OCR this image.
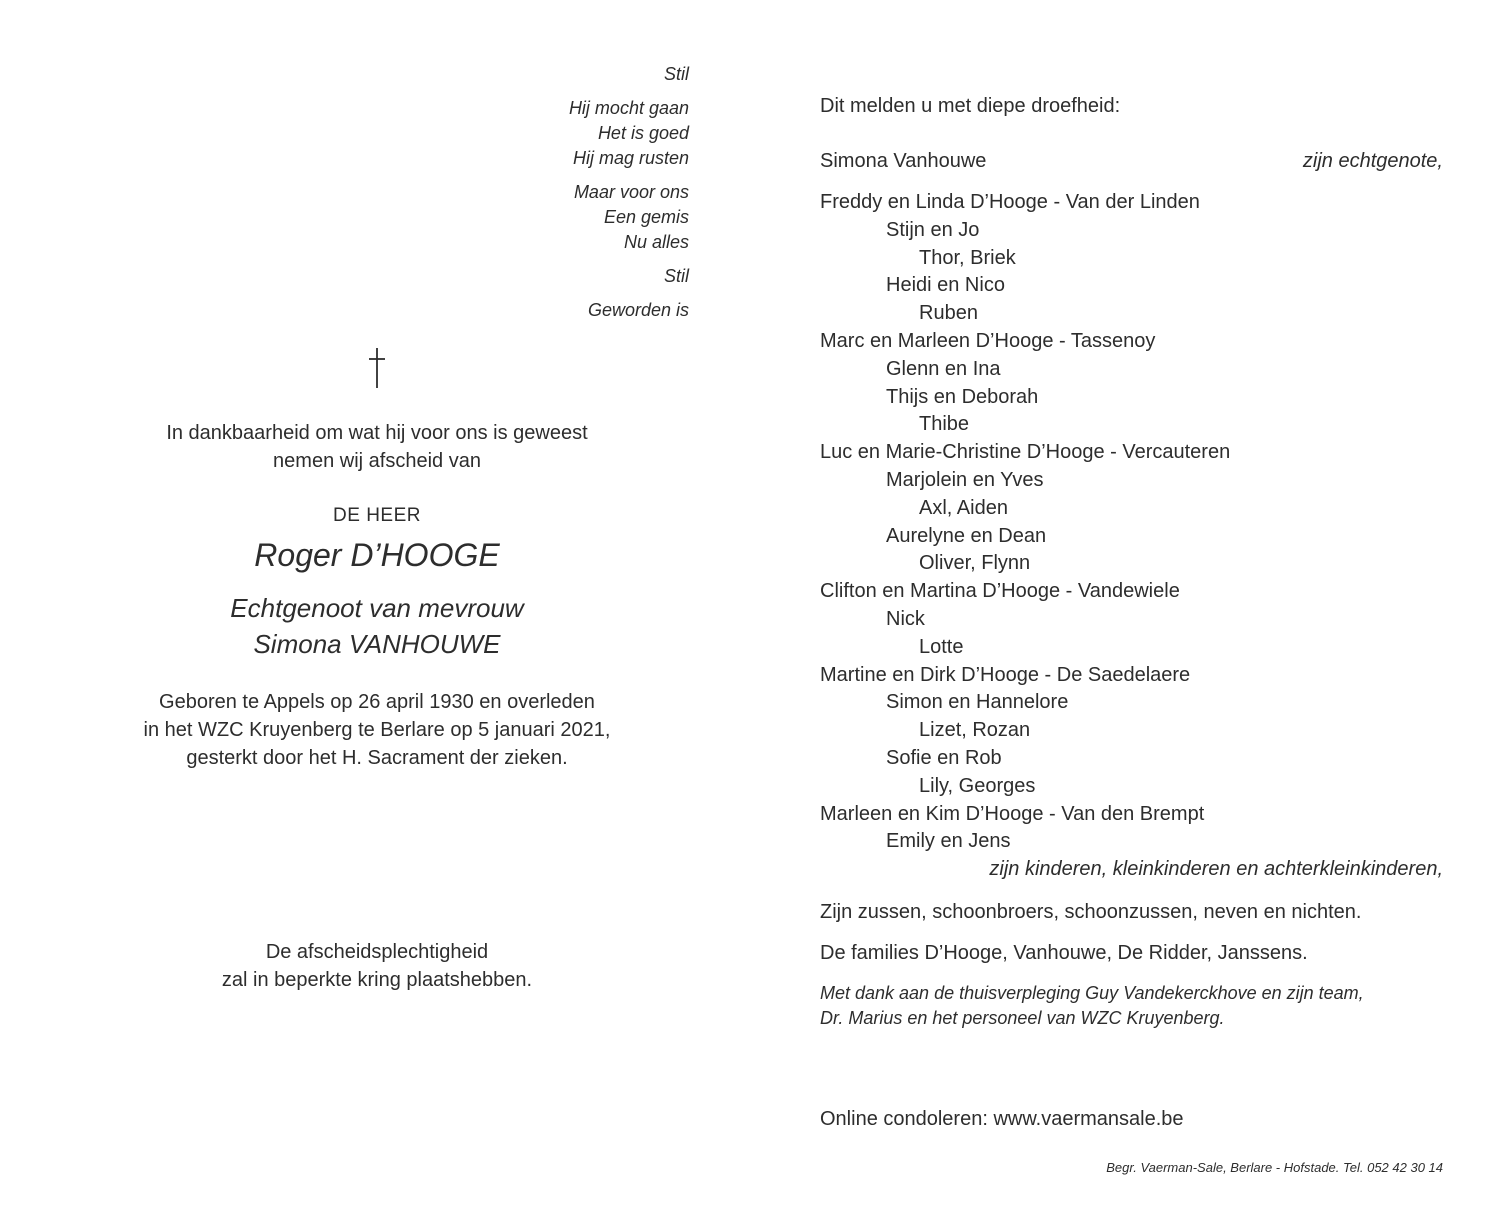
Stil
Hij mocht gaan
Het is goed
Hij mag rusten
Maar voor ons
Een gemis
Nu alles
Stil
Geworden is
In dankbaarheid om wat hij voor ons is geweest
nemen wij afscheid van
DE HEER
Roger D’HOOGE
Echtgenoot van mevrouw
Simona VANHOUWE
Geboren te Appels op 26 april 1930 en overleden
in het WZC Kruyenberg te Berlare op 5 januari 2021,
gesterkt door het H. Sacrament der zieken.
De afscheidsplechtigheid
zal in beperkte kring plaatshebben.
Dit melden u met diepe droefheid:
Simona Vanhouwe	zijn echtgenote,
Freddy en Linda D’Hooge - Van der Linden
Stijn en Jo
Thor, Briek
Heidi en Nico
Ruben
Marc en Marleen D’Hooge - Tassenoy
Glenn en Ina
Thijs en Deborah
Thibe
Luc en Marie-Christine D’Hooge - Vercauteren
Marjolein en Yves
Axl, Aiden
Aurelyne en Dean
Oliver, Flynn
Clifton en Martina D’Hooge - Vandewiele
Nick
Lotte
Martine en Dirk D’Hooge - De Saedelaere
Simon en Hannelore
Lizet, Rozan
Sofie en Rob
Lily, Georges
Marleen en Kim D’Hooge - Van den Brempt
Emily en Jens
zijn kinderen, kleinkinderen en achterkleinkinderen,
Zijn zussen, schoonbroers, schoonzussen, neven en nichten.
De families D’Hooge, Vanhouwe, De Ridder, Janssens.
Met dank aan de thuisverpleging Guy Vandekerckhove en zijn team,
Dr. Marius en het personeel van WZC Kruyenberg.
Online condoleren: www.vaermansale.be
Begr. Vaerman-Sale, Berlare - Hofstade. Tel. 052 42 30 14
